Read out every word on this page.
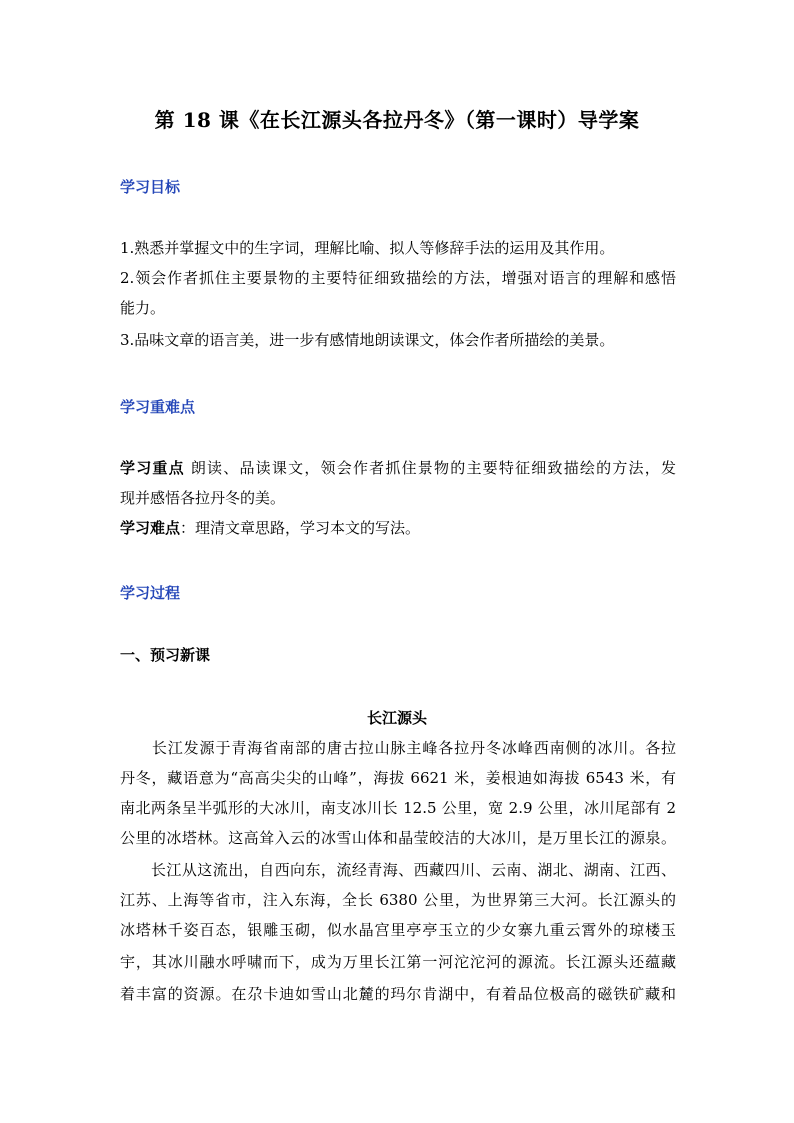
第 18 课《在长江源头各拉丹冬》（第一课时）导学案
学习目标
1.熟悉并掌握文中的生字词，理解比喻、拟人等修辞手法的运用及其作用。
2.领会作者抓住主要景物的主要特征细致描绘的方法，增强对语言的理解和感悟
能力。
3.品味文章的语言美，进一步有感情地朗读课文，体会作者所描绘的美景。
学习重难点
学习重点 朗读、品读课文，领会作者抓住景物的主要特征细致描绘的方法，发
现并感悟各拉丹冬的美。
学习难点：理清文章思路，学习本文的写法。
学习过程
一、预习新课
长江源头
　　长江发源于青海省南部的唐古拉山脉主峰各拉丹冬冰峰西南侧的冰川。各拉
丹冬，藏语意为“高高尖尖的山峰”，海拔 6621 米，姜根迪如海拔 6543 米，有
南北两条呈半弧形的大冰川，南支冰川长 12.5 公里，宽 2.9 公里，冰川尾部有 2
公里的冰塔林。这高耸入云的冰雪山体和晶莹皎洁的大冰川，是万里长江的源泉。
　　长江从这流出，自西向东，流经青海、西藏四川、云南、湖北、湖南、江西、
江苏、上海等省市，注入东海，全长 6380 公里，为世界第三大河。长江源头的
冰塔林千姿百态，银雕玉砌，似水晶宫里亭亭玉立的少女寨九重云霄外的琼楼玉
宇，其冰川融水呼啸而下，成为万里长江第一河沱沱河的源流。长江源头还蕴藏
着丰富的资源。在尕卡迪如雪山北麓的玛尔肯湖中，有着品位极高的磁铁矿藏和
